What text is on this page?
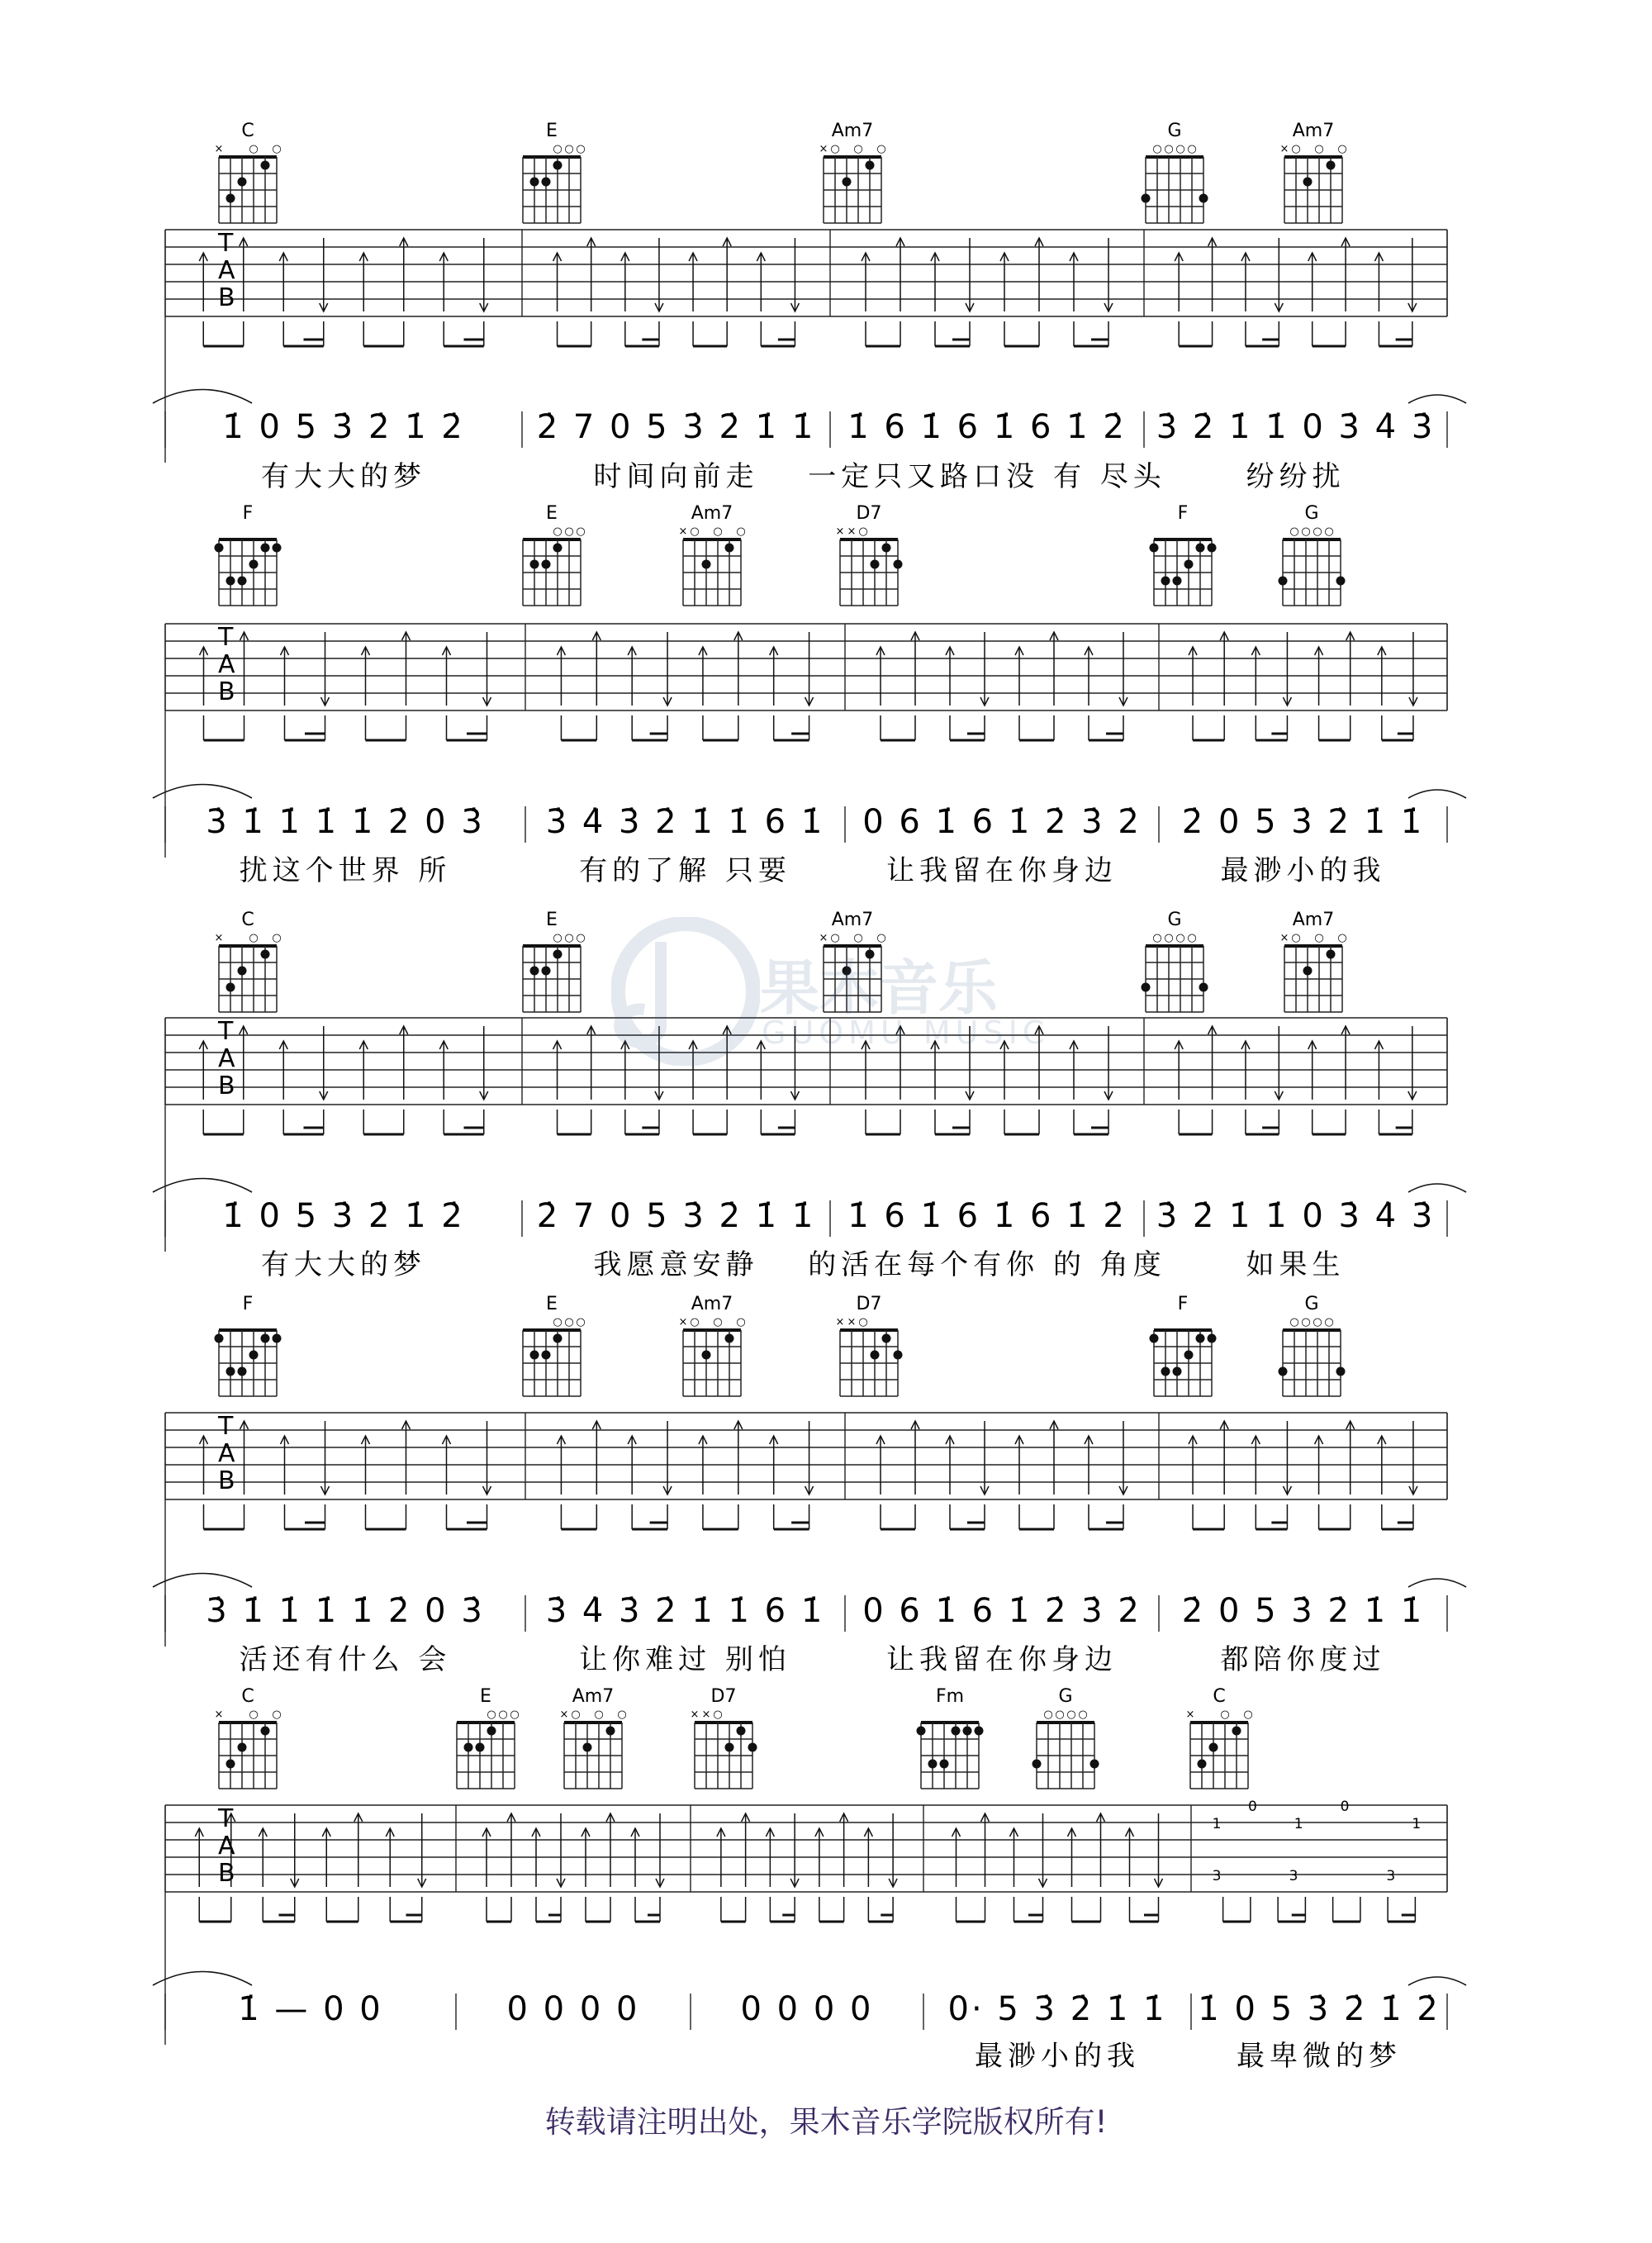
C
× ○ ○
E
○ ○ ○
Am7
× ○ ○ ○
G
○ ○ ○ ○
Am7
× ○ ○ ○
T
A
B
1̇ 0 5 3̇ 2̇ 1̇ 2̇
有大大的梦
2̇ 7 0 5 3̇ 2̇ 1̇ 1̇
时间向前走
1̇ 6 1̇ 6 1̇ 6 1̇ 2̇
一定只又路口没 有 尽头
3̇ 2̇ 1̇ 1̇ 0 3̇ 4̇ 3̇
纷纷扰
F	E
○ ○ ○
Am7
× ○ ○ ○
D7
× × ○
F	G
○ ○ ○ ○
T
A
B
3̇ 1̇ 1̇ 1̇ 1̇ 2̇ 0 3̇
扰这个世界 所
3̇ 4̇ 3̇ 2̇ 1̇ 1̇ 6 1̇
有的了解 只要
0 6 1̇ 6 1̇ 2̇ 3̇ 2̇
让我留在你身边
2̇ 0 5 3̇ 2̇ 1̇ 1̇
最渺小的我
C
× ○ ○
E
○ ○ ○
Am7
× ○ ○ ○
G
○ ○ ○ ○
Am7
× ○ ○ ○
T
A
B
1̇ 0 5 3̇ 2̇ 1̇ 2̇
有大大的梦
2̇ 7 0 5 3̇ 2̇ 1̇ 1̇
我愿意安静
1̇ 6 1̇ 6 1̇ 6 1̇ 2̇
的活在每个有你 的 角度
3̇ 2̇ 1̇ 1̇ 0 3̇ 4̇ 3̇
如果生
F	E
○ ○ ○
Am7
× ○ ○ ○
D7
× × ○
F	G
○ ○ ○ ○
T
A
B
3̇ 1̇ 1̇ 1̇ 1̇ 2̇ 0 3̇
活还有什么 会
3̇ 4̇ 3̇ 2̇ 1̇ 1̇ 6 1̇
让你难过 别怕
0 6 1̇ 6 1̇ 2̇ 3̇ 2̇
让我留在你身边
2̇ 0 5 3̇ 2̇ 1̇ 1̇
都陪你度过
C
× ○ ○
E
○ ○ ○
Am7
× ○ ○ ○
D7
× × ○
Fm	G
○ ○ ○ ○
C
× ○ ○
T
A
B
1
0
1
0
1
3	3	3
1̇ — 0 0	0 0 0 0	0 0 0 0 0· 5 3̇ 2̇ 1̇ 1̇
最渺小的我
1̇ 0 5 3̇ 2̇ 1̇ 2̇
最卑微的梦
果木音乐
GUOMU MUSIC
转载请注明出处，果木音乐学院版权所有!
